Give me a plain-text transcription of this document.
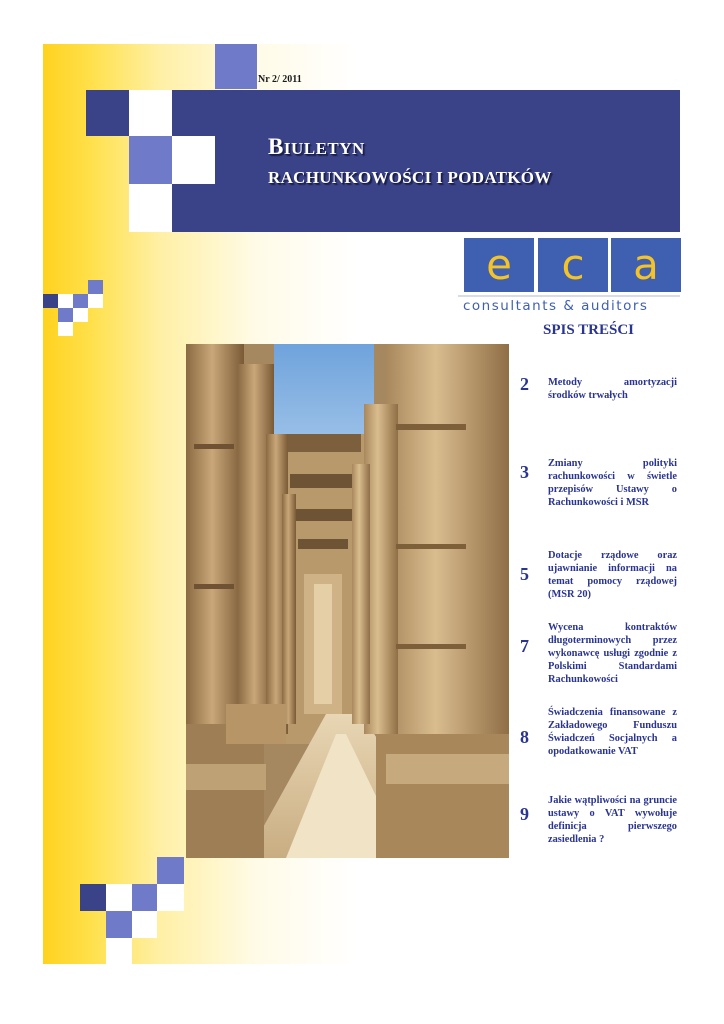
Nr 2/ 2011
BIULETYN
RACHUNKOWOŚCI I PODATKÓW
e	c	a
consultants & auditors
SPIS TREŚCI
2 Metody amortyzacji środków trwałych
3 Zmiany polityki rachunkowości w świetle przepisów Ustawy o Rachunkowości i MSR
5
Dotacje rządowe oraz ujawnianie informacji na temat pomocy rządowej (MSR 20)
7
Wycena kontraktów długoterminowych przez wykonawcę usługi zgodnie z Polskimi Standardami Rachunkowości
8
Świadczenia finansowane z Zakładowego Funduszu Świadczeń Socjalnych a opodatkowanie VAT
9
Jakie wątpliwości na gruncie ustawy o VAT wywołuje definicja pierwszego zasiedlenia ?
